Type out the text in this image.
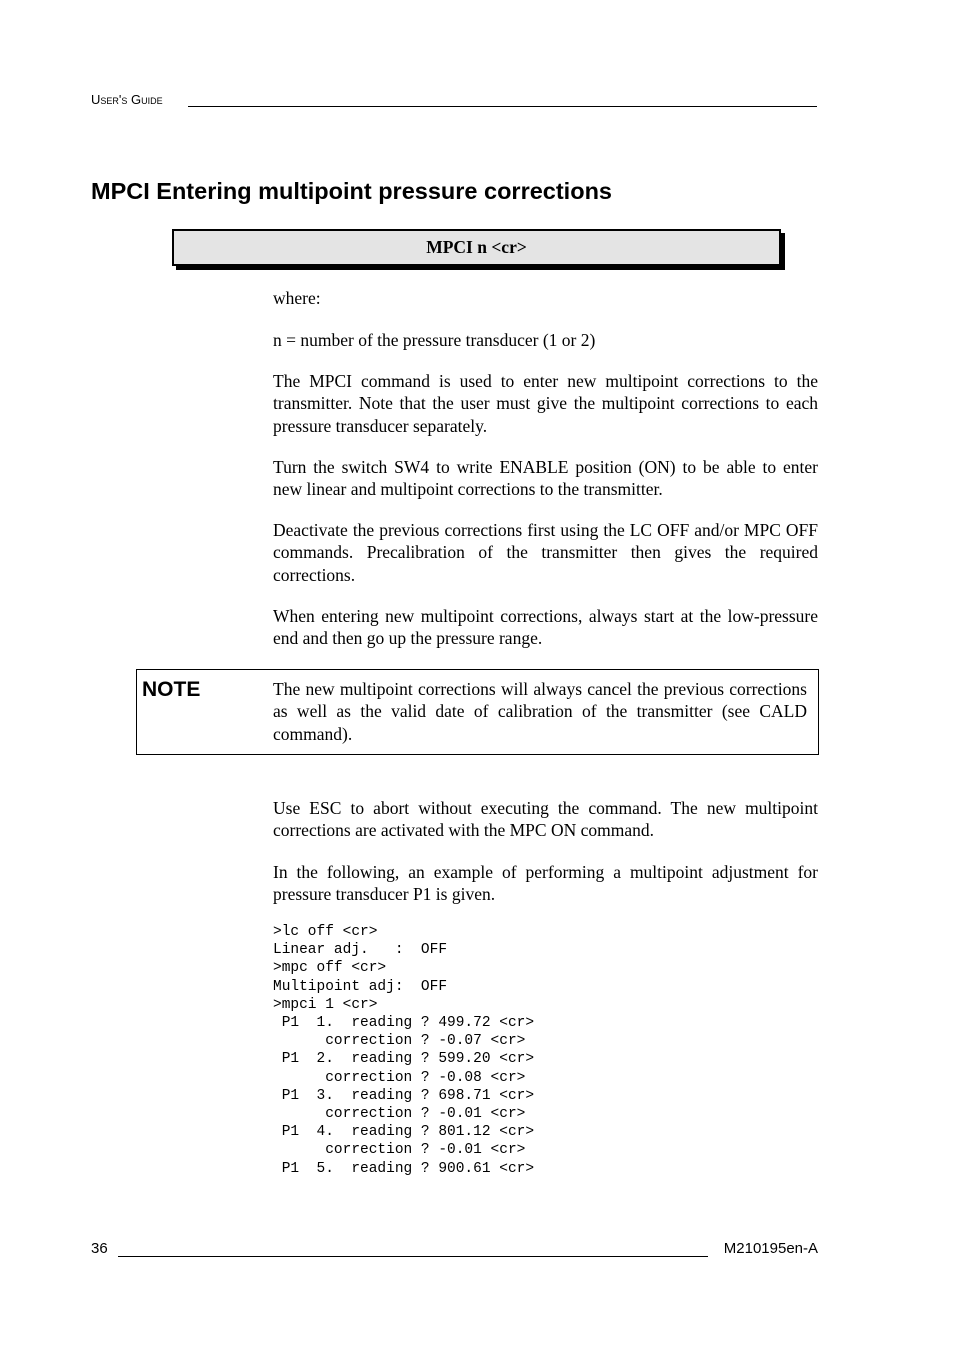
User's Guide
MPCI Entering multipoint pressure corrections
MPCI n <cr>

where:

n = number of the pressure transducer (1 or 2)

The MPCI command is used to enter new multipoint corrections to the transmitter. Note that the user must give the multipoint corrections to each pressure transducer separately.

Turn the switch SW4 to write ENABLE position (ON) to be able to enter new linear and multipoint corrections to the transmitter.

Deactivate the previous corrections first using the LC OFF and/or MPC OFF commands. Precalibration of the transmitter then gives the required corrections.

When entering new multipoint corrections, always start at the low-pressure end and then go up the pressure range.

NOTE	The new multipoint corrections will always cancel the previous corrections as well as the valid date of calibration of the transmitter (see CALD command).

Use ESC to abort without executing the command. The new multipoint corrections are activated with the MPC ON command.

In the following, an example of performing a multipoint adjustment for pressure transducer P1 is given.

>lc off <cr>
Linear adj.   :  OFF
>mpc off <cr>
Multipoint adj:  OFF
>mpci 1 <cr>
P1  1.  reading ? 499.72 <cr>
correction ? -0.07 <cr>
P1  2.  reading ? 599.20 <cr>
correction ? -0.08 <cr>
P1  3.  reading ? 698.71 <cr>
correction ? -0.01 <cr>
P1  4.  reading ? 801.12 <cr>
correction ? -0.01 <cr>
P1  5.  reading ? 900.61 <cr>
36	M210195en-A
